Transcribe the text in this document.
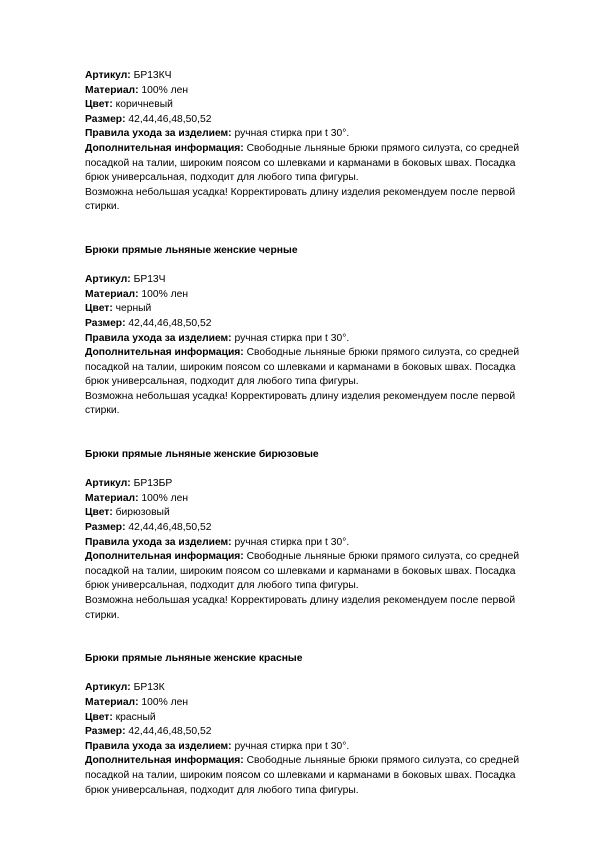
Артикул: БР13КЧ

Материал: 100% лен

Цвет: коричневый

Размер: 42,44,46,48,50,52

Правила ухода за изделием: ручная стирка при t 30°.

Дополнительная информация: Свободные льняные брюки прямого силуэта, со средней

посадкой на талии, широким поясом со шлевками и карманами в боковых швах. Посадка

брюк универсальная, подходит для любого типа фигуры.

Возможна небольшая усадка! Корректировать длину изделия рекомендуем после первой

стирки.

Брюки прямые льняные женские черные

Артикул: БР13Ч

Материал: 100% лен

Цвет: черный

Размер: 42,44,46,48,50,52

Правила ухода за изделием: ручная стирка при t 30°.

Дополнительная информация: Свободные льняные брюки прямого силуэта, со средней

посадкой на талии, широким поясом со шлевками и карманами в боковых швах. Посадка

брюк универсальная, подходит для любого типа фигуры.

Возможна небольшая усадка! Корректировать длину изделия рекомендуем после первой

стирки.

Брюки прямые льняные женские бирюзовые

Артикул: БР13БР

Материал: 100% лен

Цвет: бирюзовый

Размер: 42,44,46,48,50,52

Правила ухода за изделием: ручная стирка при t 30°.

Дополнительная информация: Свободные льняные брюки прямого силуэта, со средней

посадкой на талии, широким поясом со шлевками и карманами в боковых швах. Посадка

брюк универсальная, подходит для любого типа фигуры.

Возможна небольшая усадка! Корректировать длину изделия рекомендуем после первой

стирки.

Брюки прямые льняные женские красные

Артикул: БР13К

Материал: 100% лен

Цвет: красный

Размер: 42,44,46,48,50,52

Правила ухода за изделием: ручная стирка при t 30°.

Дополнительная информация: Свободные льняные брюки прямого силуэта, со средней

посадкой на талии, широким поясом со шлевками и карманами в боковых швах. Посадка

брюк универсальная, подходит для любого типа фигуры.
